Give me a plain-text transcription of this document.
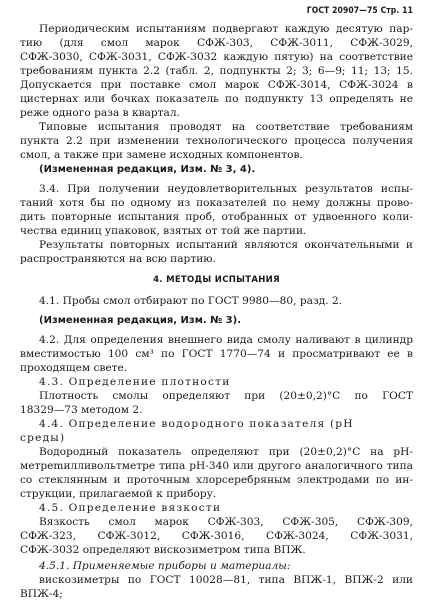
ГОСТ 20907—75 Стр. 11
Периодическим испытаниям подвергают каждую десятую пар-
тию (для смол марок СФЖ-303, СФЖ-3011, СФЖ-3029,
СФЖ-3030, СФЖ-3031, СФЖ-3032 каждую пятую) на соответствие
требованиям пункта 2.2 (табл. 2, подпункты 2; 3; 6—9; 11; 13; 15.
Допускается при поставке смол марок СФЖ-3014, СФЖ-3024 в
цистернах или бочках показатель по подпункту 13 определять не
реже одного раза в квартал.
Типовые испытания проводят на соответствие требованиям
пункта 2.2 при изменении технологического процесса получения
смол, а также при замене исходных компонентов.
(Измененная редакция, Изм. № 3, 4).
3.4. При получении неудовлетворительных результатов испы-
таний хотя бы по одному из показателей по нему должны прово-
дить повторные испытания проб, отобранных от удвоенного коли-
чества единиц упаковок, взятых от той же партии.
Результаты повторных испытаний являются окончательными и
распространяются на всю партию.
4. МЕТОДЫ ИСПЫТАНИЯ
4.1. Пробы смол отбирают по ГОСТ 9980—80, разд. 2.
(Измененная редакция, Изм. № 3).
4.2. Для определения внешнего вида смолу наливают в цилиндр
вместимостью 100 см³ по ГОСТ 1770—74 и просматривают ее в
проходящем свете.
4.3. Определение плотности
Плотность смолы определяют при (20±0,2)°С по ГОСТ
18329—73 методом 2.
4.4. Определение водородного показателя (рН
среды)
Водородный показатель определяют при (20±0,2)°С на рН-
метрemилливольтметре типа рН-340 или другого аналогичного типа
со стеклянным и проточным хлорсеребряным электродами по ин-
струкции, прилагаемой к прибору.
4.5. Определение вязкости
Вязкость смол марок СФЖ-303, СФЖ-305, СФЖ-309,
СФЖ-323, СФЖ-3012, СФЖ-3016, СФЖ-3024, СФЖ-3031,
СФЖ-3032 определяют вискозиметром типа ВПЖ.
4.5.1. Применяемые приборы и материалы:
вискозиметры по ГОСТ 10028—81, типа ВПЖ-1, ВПЖ-2 или
ВПЖ-4;
